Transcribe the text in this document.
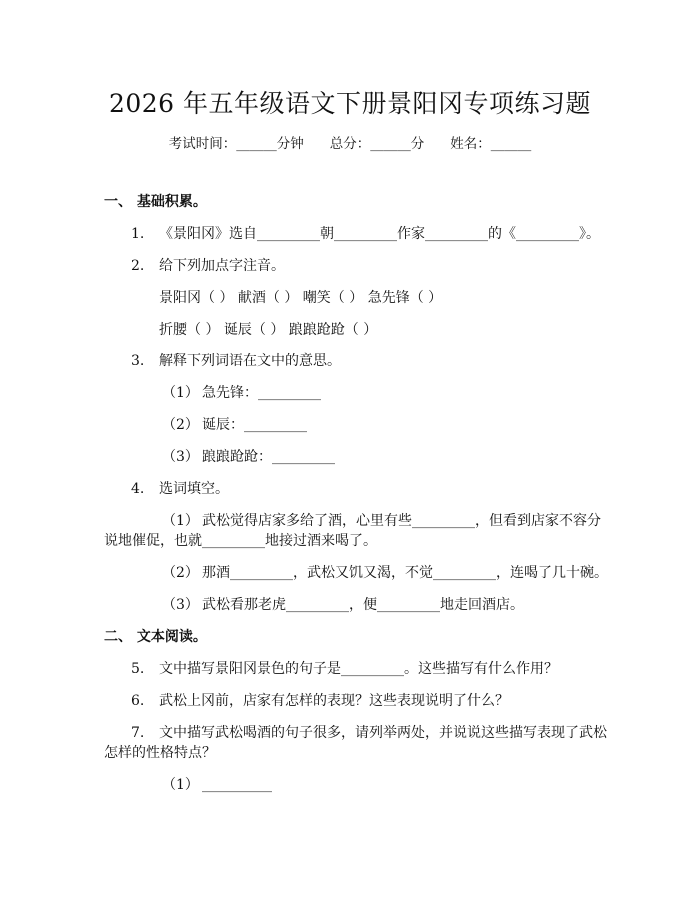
2026 年五年级语文下册景阳冈专项练习题
考试时间：______分钟 总分：______分 姓名：______
一、 基础积累。
1. 《景阳冈》选自_________朝_________作家_________的《_________》。
2. 给下列加点字注音。
景阳冈（ ） 献酒（ ） 嘲笑（ ） 急先锋（ ）
折腰（ ） 诞辰（ ） 踉踉跄跄（ ）
3. 解释下列词语在文中的意思。
（1） 急先锋：_________
（2） 诞辰：_________
（3） 踉踉跄跄：_________
4. 选词填空。
（1） 武松觉得店家多给了酒，心里有些_________，但看到店家不容分
说地催促，也就_________地接过酒来喝了。
（2） 那酒_________，武松又饥又渴，不觉_________，连喝了几十碗。
（3） 武松看那老虎_________，便_________地走回酒店。
二、 文本阅读。
5. 文中描写景阳冈景色的句子是_________。这些描写有什么作用？
6. 武松上冈前，店家有怎样的表现？这些表现说明了什么？
7. 文中描写武松喝酒的句子很多，请列举两处，并说说这些描写表现了武松
怎样的性格特点？
（1） __________
